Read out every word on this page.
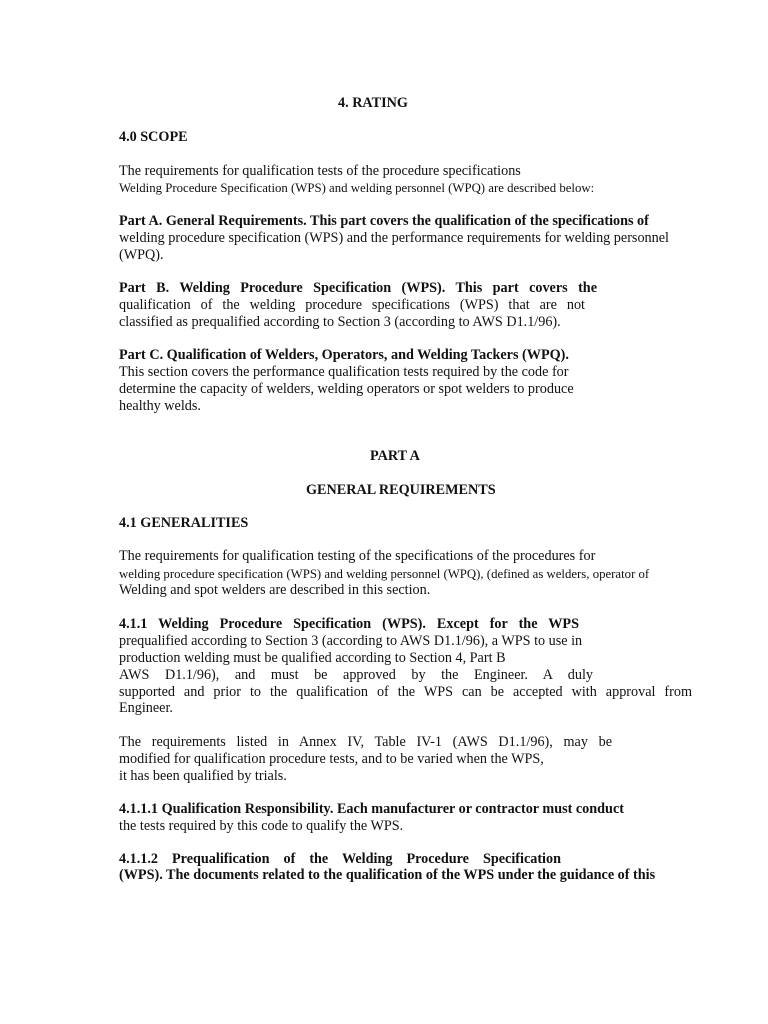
4. RATING
4.0 SCOPE
The requirements for qualification tests of the procedure specifications
Welding Procedure Specification (WPS) and welding personnel (WPQ) are described below:
Part A. General Requirements. This part covers the qualification of the specifications of
welding procedure specification (WPS) and the performance requirements for welding personnel
(WPQ).
Part B. Welding Procedure Specification (WPS). This part covers the
qualification of the welding procedure specifications (WPS) that are not
classified as prequalified according to Section 3 (according to AWS D1.1/96).
Part C. Qualification of Welders, Operators, and Welding Tackers (WPQ).
This section covers the performance qualification tests required by the code for
determine the capacity of welders, welding operators or spot welders to produce
healthy welds.
PART A
GENERAL REQUIREMENTS
4.1 GENERALITIES
The requirements for qualification testing of the specifications of the procedures for
welding procedure specification (WPS) and welding personnel (WPQ), (defined as welders, operator of
Welding and spot welders are described in this section.
4.1.1 Welding Procedure Specification (WPS). Except for the WPS
prequalified according to Section 3 (according to AWS D1.1/96), a WPS to use in
production welding must be qualified according to Section 4, Part B
AWS D1.1/96), and must be approved by the Engineer. A duly
supported and prior to the qualification of the WPS can be accepted with approval from
Engineer.
The requirements listed in Annex IV, Table IV-1 (AWS D1.1/96), may be
modified for qualification procedure tests, and to be varied when the WPS,
it has been qualified by trials.
4.1.1.1 Qualification Responsibility. Each manufacturer or contractor must conduct
the tests required by this code to qualify the WPS.
4.1.1.2 Prequalification of the Welding Procedure Specification
(WPS). The documents related to the qualification of the WPS under the guidance of this
